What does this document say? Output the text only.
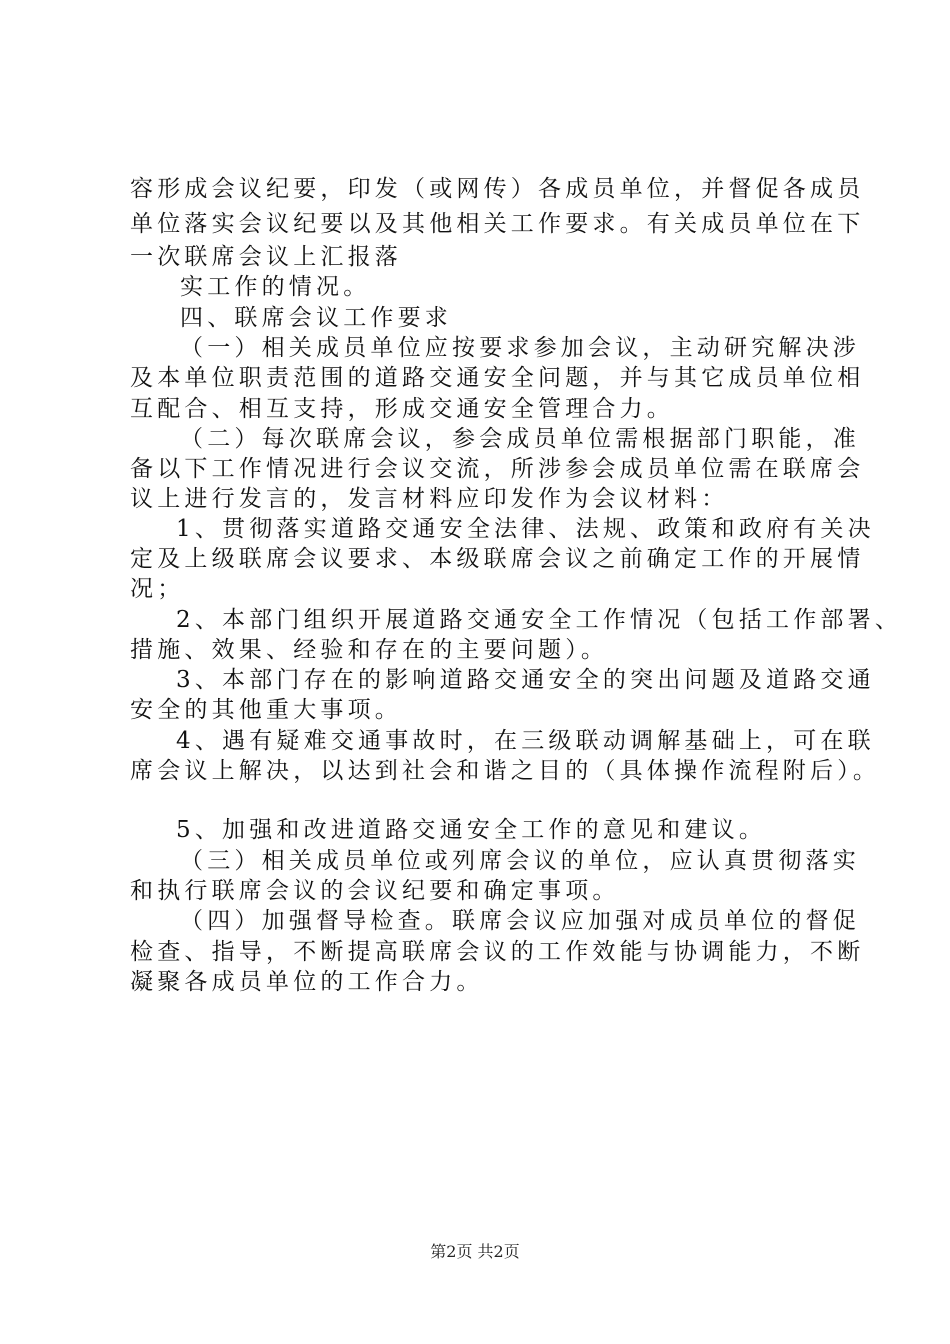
容形成会议纪要，印发（或网传）各成员单位，并督促各成员
单位落实会议纪要以及其他相关工作要求。有关成员单位在下
一次联席会议上汇报落
实工作的情况。
四、联席会议工作要求
（一）相关成员单位应按要求参加会议，主动研究解决涉
及本单位职责范围的道路交通安全问题，并与其它成员单位相
互配合、相互支持，形成交通安全管理合力。
（二）每次联席会议，参会成员单位需根据部门职能，准
备以下工作情况进行会议交流，所涉参会成员单位需在联席会
议上进行发言的，发言材料应印发作为会议材料：
1、贯彻落实道路交通安全法律、法规、政策和政府有关决
定及上级联席会议要求、本级联席会议之前确定工作的开展情
况；
2、本部门组织开展道路交通安全工作情况（包括工作部署、
措施、效果、经验和存在的主要问题）。
3、本部门存在的影响道路交通安全的突出问题及道路交通
安全的其他重大事项。
4、遇有疑难交通事故时，在三级联动调解基础上，可在联
席会议上解决，以达到社会和谐之目的（具体操作流程附后）。
5、加强和改进道路交通安全工作的意见和建议。
（三）相关成员单位或列席会议的单位，应认真贯彻落实
和执行联席会议的会议纪要和确定事项。
（四）加强督导检查。联席会议应加强对成员单位的督促
检查、指导，不断提高联席会议的工作效能与协调能力，不断
凝聚各成员单位的工作合力。
第2页 共2页
